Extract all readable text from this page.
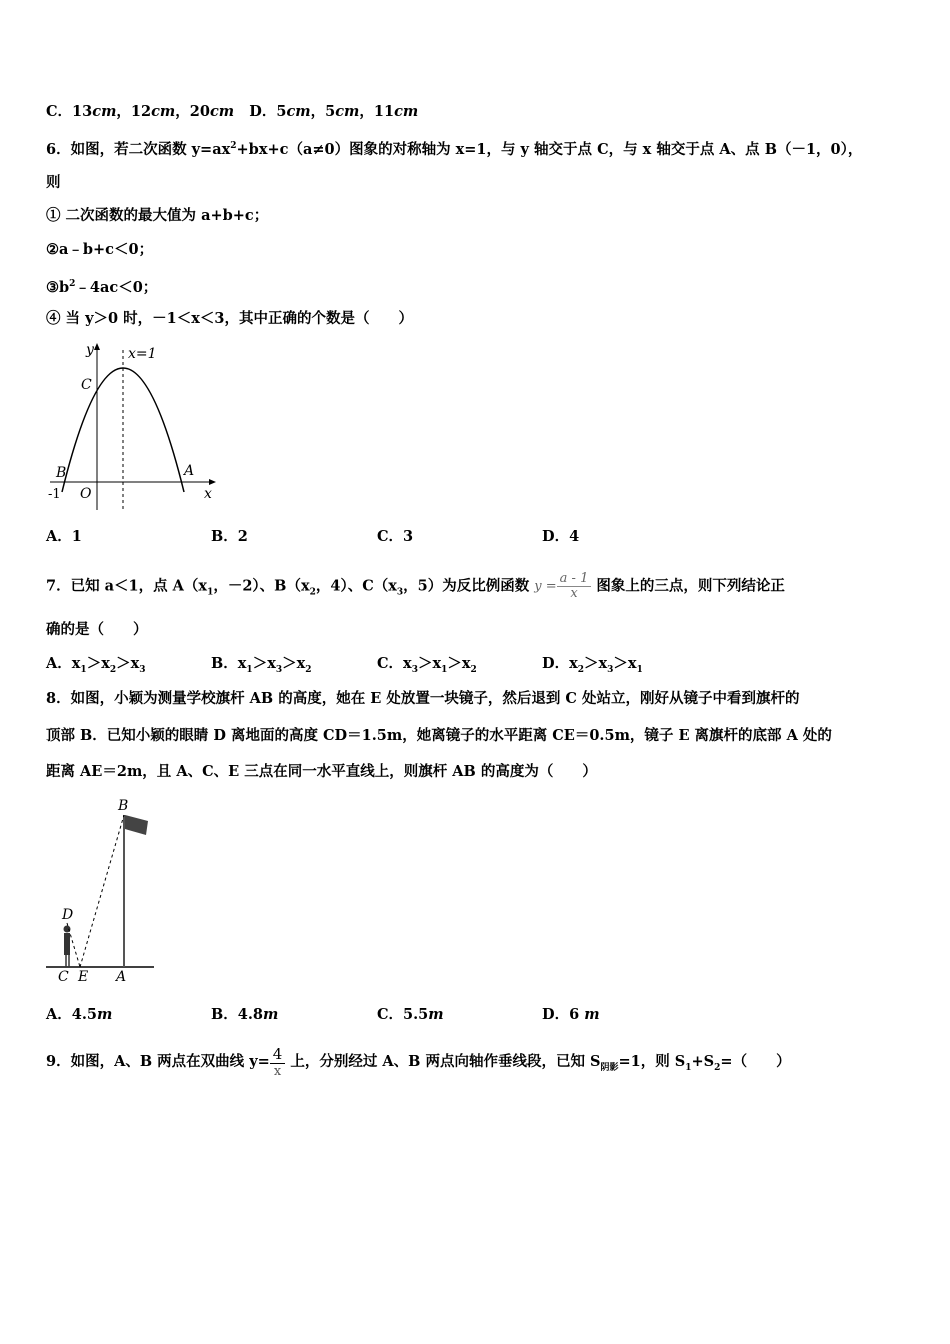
C．13cm，12cm，20cm D．5cm，5cm，11cm
6．如图，若二次函数 $y=ax^2+bx+c(a\ne 0)$图象的对称轴为 x=1，与 y 轴交于点 C，与 x 轴交于点 A、点 B（－1，0），
则
① 二次函数的最大值为 a+b+c；
②a﹣b+c＜0；
$③b^2﹣4ac<0$；
④ 当 y＞0 时，－1＜x＜3，其中正确的个数是（　　）
y x=1
C
B	A
-1 O	x
A．1	B．2	C．3	D．4
7．已知 a＜1，点 $A(x_1$，－2）、$B(x_2$，4）、$C(x_3$，5）为反比例函数 $y = \frac{a - 1}{x}$ 图象上的三点，则下列结论正
确的是（　　）
A．$x_1>x_2>x_3$	B．$x_1>x_3>x_2$	C．$x_3>x_1>x_2$	D．$x_2>x_3>x_1$
8．如图，小颖为测量学校旗杆 AB 的高度，她在 E 处放置一块镜子，然后退到 C 处站立，刚好从镜子中看到旗杆的
顶部 B．已知小颖的眼睛 D 离地面的高度 CD＝1.5m，她离镜子的水平距离 CE＝0.5m，镜子 E 离旗杆的底部 A 处的
距离 AE＝2m，且 A、C、E 三点在同一水平直线上，则旗杆 AB 的高度为（　　）
B
D
C E A
A．4.5m	B．4.8m	C．5.5m	D．6 m
9．如图，A、B 两点在双曲线 $y= \frac{4}{x}$ 上，分别经过 A、B 两点向轴作垂线段，已知 $S_{阴影}=1$，则 $S_1+S_2=$（　　）
